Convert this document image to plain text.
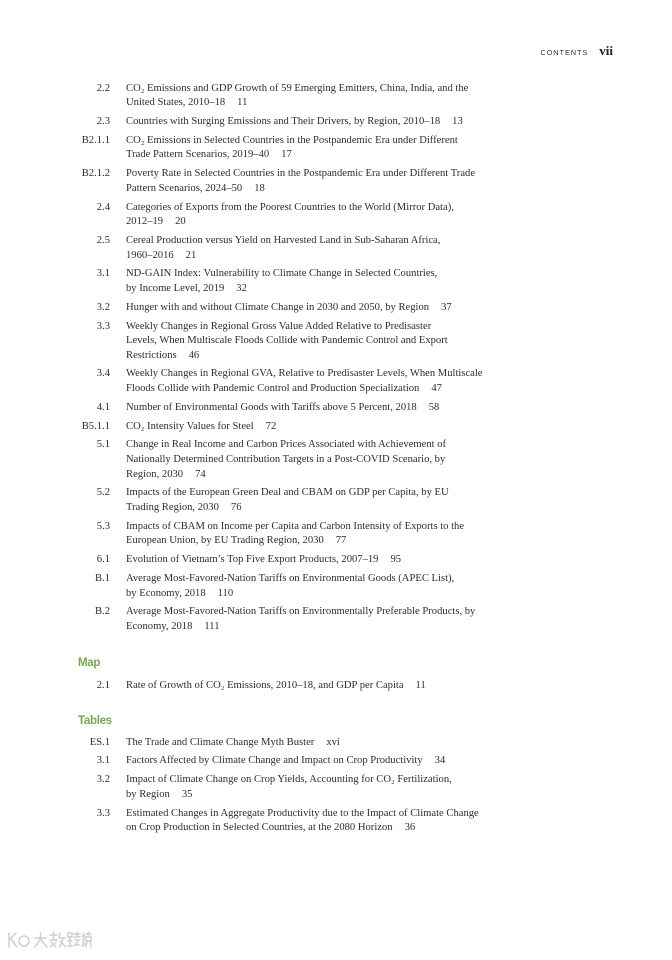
CONTENTS vii
2.2 CO₂ Emissions and GDP Growth of 59 Emerging Emitters, China, India, and the
United States, 2010–18 11
2.3 Countries with Surging Emissions and Their Drivers, by Region, 2010–18 13
B2.1.1 CO₂ Emissions in Selected Countries in the Postpandemic Era under Different
Trade Pattern Scenarios, 2019–40 17
B2.1.2 Poverty Rate in Selected Countries in the Postpandemic Era under Different Trade
Pattern Scenarios, 2024–50 18
2.4 Categories of Exports from the Poorest Countries to the World (Mirror Data),
2012–19 20
2.5 Cereal Production versus Yield on Harvested Land in Sub-Saharan Africa,
1960–2016 21
3.1 ND-GAIN Index: Vulnerability to Climate Change in Selected Countries,
by Income Level, 2019 32
3.2 Hunger with and without Climate Change in 2030 and 2050, by Region 37
3.3 Weekly Changes in Regional Gross Value Added Relative to Predisaster
Levels, When Multiscale Floods Collide with Pandemic Control and Export
Restrictions 46
3.4 Weekly Changes in Regional GVA, Relative to Predisaster Levels, When Multiscale
Floods Collide with Pandemic Control and Production Specialization 47
4.1 Number of Environmental Goods with Tariffs above 5 Percent, 2018 58
B5.1.1 CO₂ Intensity Values for Steel 72
5.1 Change in Real Income and Carbon Prices Associated with Achievement of
Nationally Determined Contribution Targets in a Post-COVID Scenario, by
Region, 2030 74
5.2 Impacts of the European Green Deal and CBAM on GDP per Capita, by EU
Trading Region, 2030 76
5.3 Impacts of CBAM on Income per Capita and Carbon Intensity of Exports to the
European Union, by EU Trading Region, 2030 77
6.1 Evolution of Vietnam’s Top Five Export Products, 2007–19 95
B.1 Average Most-Favored-Nation Tariffs on Environmental Goods (APEC List),
by Economy, 2018 110
B.2 Average Most-Favored-Nation Tariffs on Environmentally Preferable Products, by
Economy, 2018 111
Map
2.1 Rate of Growth of CO₂ Emissions, 2010–18, and GDP per Capita 11
Tables
ES.1 The Trade and Climate Change Myth Buster xvi
3.1 Factors Affected by Climate Change and Impact on Crop Productivity 34
3.2 Impact of Climate Change on Crop Yields, Accounting for CO₂ Fertilization,
by Region 35
3.3 Estimated Changes in Aggregate Productivity due to the Impact of Climate Change
on Crop Production in Selected Countries, at the 2080 Horizon 36
